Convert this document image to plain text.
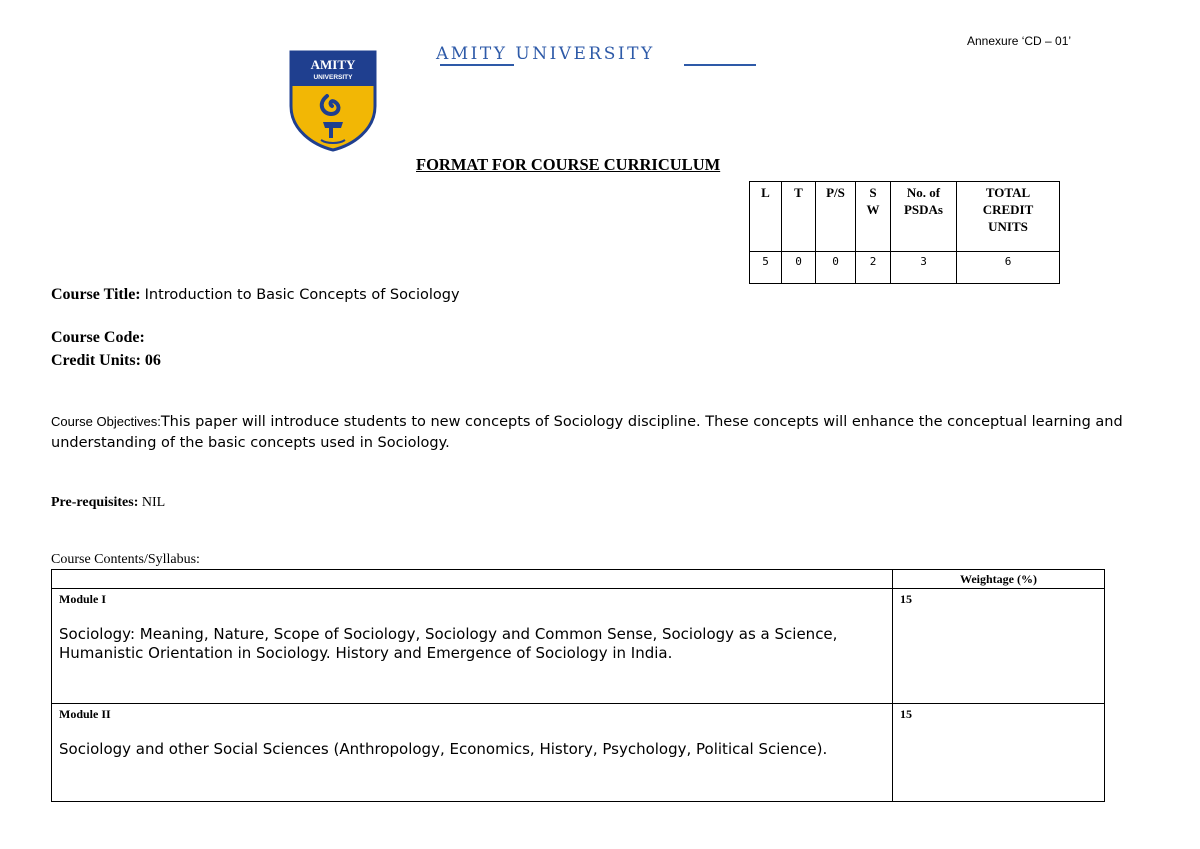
Annexure ‘CD – 01’
AMITY
UNIVERSITY
AMITY UNIVERSITY
FORMAT FOR COURSE CURRICULUM
L	T	P/S	S W	No. of PSDAs	TOTAL CREDIT UNITS
5	0	0	2	3	6
Course Title: Introduction to Basic Concepts of Sociology
Course Code:
Credit Units: 06
Course Objectives:This paper will introduce students to new concepts of Sociology discipline. These concepts will enhance the conceptual learning and understanding of the basic concepts used in Sociology.
Pre-requisites: NIL
Course Contents/Syllabus:
	Weightage (%)

Module I
Sociology: Meaning, Nature, Scope of Sociology, Sociology and Common Sense, Sociology as a Science, Humanistic Orientation in Sociology. History and Emergence of Sociology in India.	15

Module II
Sociology and other Social Sciences (Anthropology, Economics, History, Psychology, Political Science).	15
